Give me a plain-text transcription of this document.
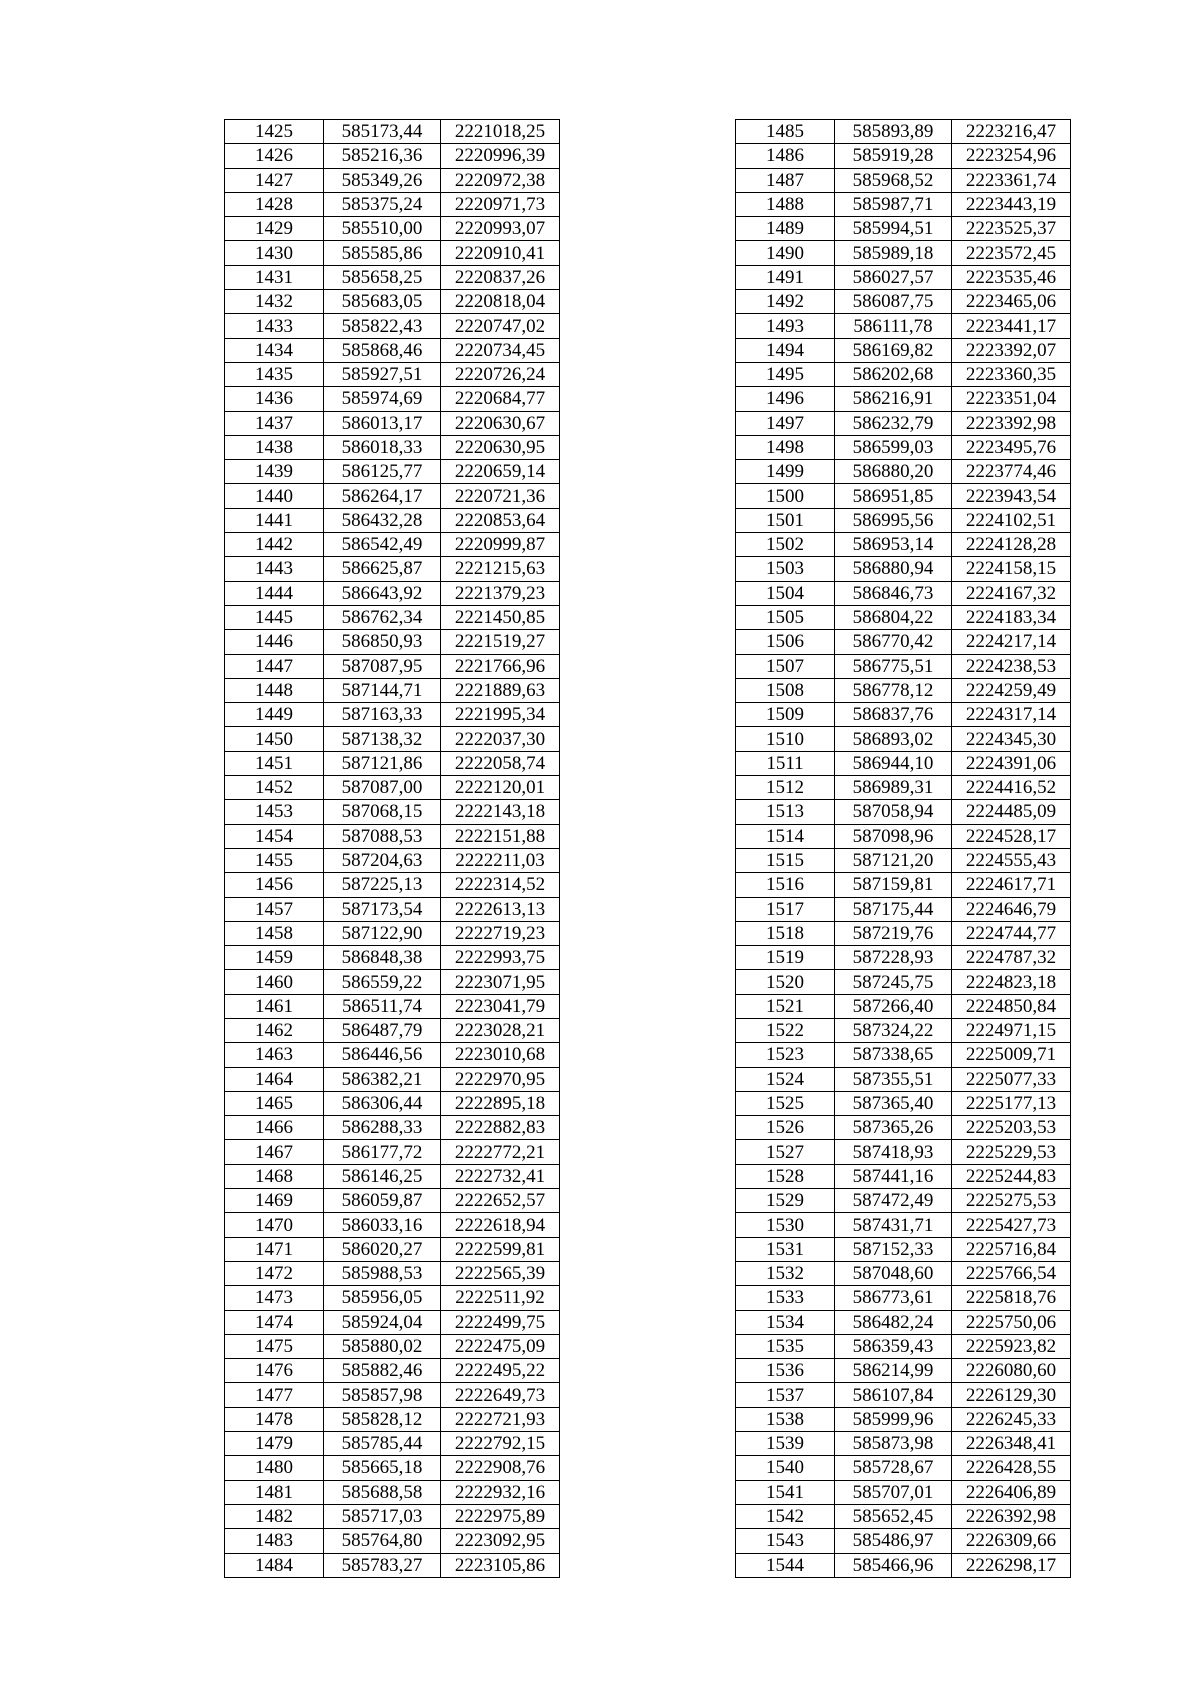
1425	585173,44	2221018,25
1426	585216,36	2220996,39
1427	585349,26	2220972,38
1428	585375,24	2220971,73
1429	585510,00	2220993,07
1430	585585,86	2220910,41
1431	585658,25	2220837,26
1432	585683,05	2220818,04
1433	585822,43	2220747,02
1434	585868,46	2220734,45
1435	585927,51	2220726,24
1436	585974,69	2220684,77
1437	586013,17	2220630,67
1438	586018,33	2220630,95
1439	586125,77	2220659,14
1440	586264,17	2220721,36
1441	586432,28	2220853,64
1442	586542,49	2220999,87
1443	586625,87	2221215,63
1444	586643,92	2221379,23
1445	586762,34	2221450,85
1446	586850,93	2221519,27
1447	587087,95	2221766,96
1448	587144,71	2221889,63
1449	587163,33	2221995,34
1450	587138,32	2222037,30
1451	587121,86	2222058,74
1452	587087,00	2222120,01
1453	587068,15	2222143,18
1454	587088,53	2222151,88
1455	587204,63	2222211,03
1456	587225,13	2222314,52
1457	587173,54	2222613,13
1458	587122,90	2222719,23
1459	586848,38	2222993,75
1460	586559,22	2223071,95
1461	586511,74	2223041,79
1462	586487,79	2223028,21
1463	586446,56	2223010,68
1464	586382,21	2222970,95
1465	586306,44	2222895,18
1466	586288,33	2222882,83
1467	586177,72	2222772,21
1468	586146,25	2222732,41
1469	586059,87	2222652,57
1470	586033,16	2222618,94
1471	586020,27	2222599,81
1472	585988,53	2222565,39
1473	585956,05	2222511,92
1474	585924,04	2222499,75
1475	585880,02	2222475,09
1476	585882,46	2222495,22
1477	585857,98	2222649,73
1478	585828,12	2222721,93
1479	585785,44	2222792,15
1480	585665,18	2222908,76
1481	585688,58	2222932,16
1482	585717,03	2222975,89
1483	585764,80	2223092,95
1484	585783,27	2223105,86
1485	585893,89	2223216,47
1486	585919,28	2223254,96
1487	585968,52	2223361,74
1488	585987,71	2223443,19
1489	585994,51	2223525,37
1490	585989,18	2223572,45
1491	586027,57	2223535,46
1492	586087,75	2223465,06
1493	586111,78	2223441,17
1494	586169,82	2223392,07
1495	586202,68	2223360,35
1496	586216,91	2223351,04
1497	586232,79	2223392,98
1498	586599,03	2223495,76
1499	586880,20	2223774,46
1500	586951,85	2223943,54
1501	586995,56	2224102,51
1502	586953,14	2224128,28
1503	586880,94	2224158,15
1504	586846,73	2224167,32
1505	586804,22	2224183,34
1506	586770,42	2224217,14
1507	586775,51	2224238,53
1508	586778,12	2224259,49
1509	586837,76	2224317,14
1510	586893,02	2224345,30
1511	586944,10	2224391,06
1512	586989,31	2224416,52
1513	587058,94	2224485,09
1514	587098,96	2224528,17
1515	587121,20	2224555,43
1516	587159,81	2224617,71
1517	587175,44	2224646,79
1518	587219,76	2224744,77
1519	587228,93	2224787,32
1520	587245,75	2224823,18
1521	587266,40	2224850,84
1522	587324,22	2224971,15
1523	587338,65	2225009,71
1524	587355,51	2225077,33
1525	587365,40	2225177,13
1526	587365,26	2225203,53
1527	587418,93	2225229,53
1528	587441,16	2225244,83
1529	587472,49	2225275,53
1530	587431,71	2225427,73
1531	587152,33	2225716,84
1532	587048,60	2225766,54
1533	586773,61	2225818,76
1534	586482,24	2225750,06
1535	586359,43	2225923,82
1536	586214,99	2226080,60
1537	586107,84	2226129,30
1538	585999,96	2226245,33
1539	585873,98	2226348,41
1540	585728,67	2226428,55
1541	585707,01	2226406,89
1542	585652,45	2226392,98
1543	585486,97	2226309,66
1544	585466,96	2226298,17
